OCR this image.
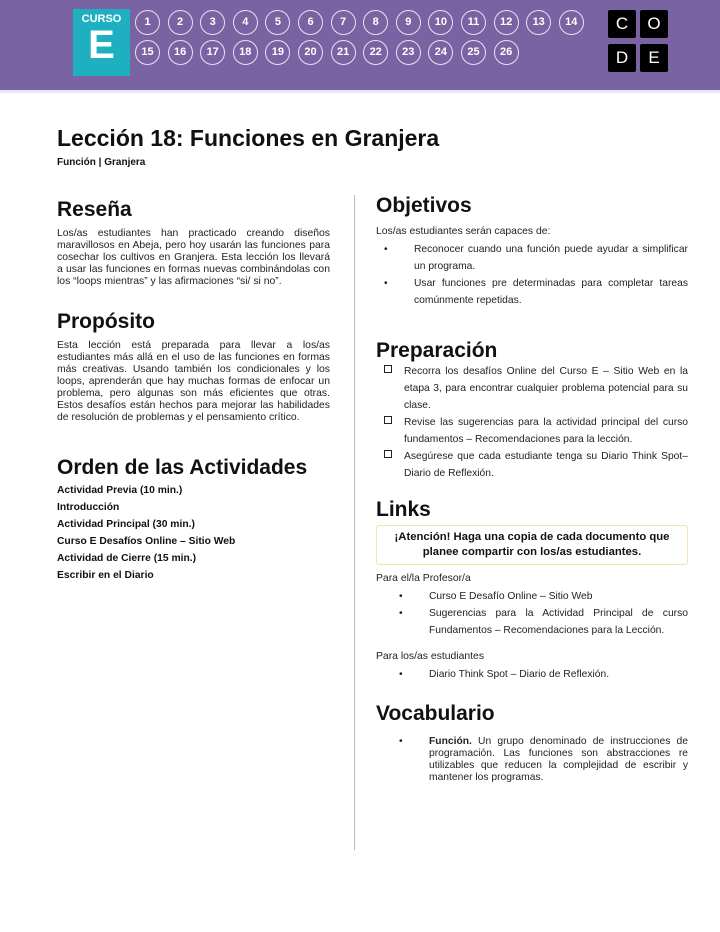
CURSO
E
1	2	3	4	5	6	7	8	9	10	11	12	13	14
15	16	17	18	19	20	21	22	23	24	25	26
C	O
D	E
Lección 18: Funciones en Granjera
Función | Granjera
Reseña

Los/as estudiantes han practicado creando diseños maravillosos en Abeja, pero hoy usarán las funciones para cosechar los cultivos en Granjera. Esta lección los llevará a usar las funciones en formas nuevas combinándolas con los “loops mientras” y las afirmaciones “si/ si no”.

Propósito

Esta lección está preparada para llevar a los/as estudiantes más allá en el uso de las funciones en formas más creativas. Usando también los condicionales y los loops, aprenderán que hay muchas formas de enfocar un problema, pero algunas son más eficientes que otras. Estos desafíos están hechos para mejorar las habilidades de resolución de problemas y el pensamiento crítico.

Orden de las Actividades
Actividad Previa (10 min.)
Introducción
Actividad Principal (30 min.)
Curso E Desafíos Online – Sitio Web
Actividad de Cierre (15 min.)
Escribir en el Diario
Objetivos

Los/as estudiantes serán capaces de:

• Reconocer cuando una función puede ayudar a simplificar un programa.
• Usar funciones pre determinadas para completar tareas comúnmente repetidas.
Preparación
Recorra los desafíos Online del Curso E – Sitio Web en la etapa 3, para encontrar cualquier problema potencial para su clase.
Revise las sugerencias para la actividad principal del curso fundamentos – Recomendaciones para la lección.
Asegúrese que cada estudiante tenga su Diario Think Spot– Diario de Reflexión.
Links
¡Atención! Haga una copia de cada documento que planee compartir con los/as estudiantes.

Para el/la Profesor/a

• Curso E Desafío Online – Sitio Web
• Sugerencias para la Actividad Principal de curso Fundamentos – Recomendaciones para la Lección.

Para los/as estudiantes

• Diario Think Spot – Diario de Reflexión.
Vocabulario
• Función. Un grupo denominado de instrucciones de programación. Las funciones son abstracciones re utilizables que reducen la complejidad de escribir y mantener los programas.
